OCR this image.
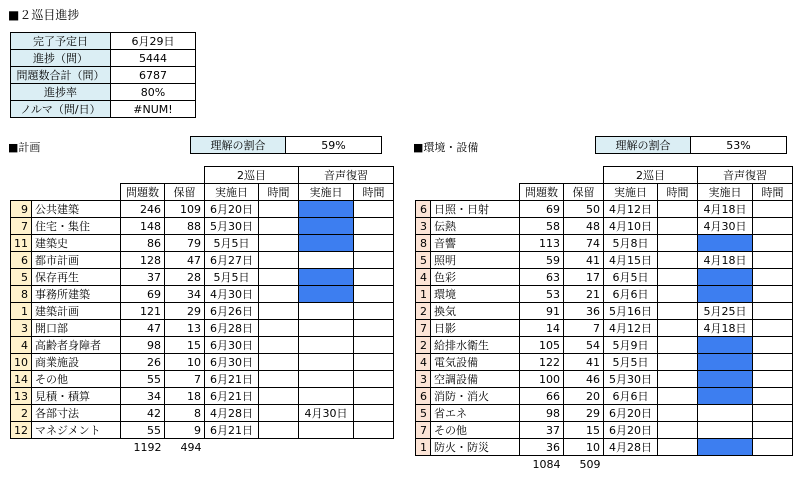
■２巡目進捗
完了予定日	6月29日
進捗（問）	5444
問題数合計（問）	6787
進捗率	80%
ノルマ（問/日）	#NUM!
■計画	理解の割合	59%
				2巡目		音声復習	
		問題数	保留	実施日	時間	実施日	時間
9	公共建築	246	109	6月20日			
7	住宅・集住	148	88	5月30日			
11	建築史	86	79	5月5日			
6	都市計画	128	47	6月27日			
5	保存再生	37	28	5月5日			
8	事務所建築	69	34	4月30日			
1	建築計画	121	29	6月26日			
3	開口部	47	13	6月28日			
4	高齢者身障者	98	15	6月30日			
10	商業施設	26	10	6月30日			
14	その他	55	7	6月21日			
13	見積・積算	34	18	6月21日			
2	各部寸法	42	8	4月28日		4月30日	
12	マネジメント	55	9	6月21日			
		1192	494				
■環境・設備	理解の割合	53%
				2巡目		音声復習	
		問題数	保留	実施日	時間	実施日	時間
6	日照・日射	69	50	4月12日		4月18日	
3	伝熱	58	48	4月10日		4月30日	
8	音響	113	74	5月8日			
5	照明	59	41	4月15日		4月18日	
4	色彩	63	17	6月5日			
1	環境	53	21	6月6日			
2	換気	91	36	5月16日		5月25日	
7	日影	14	7	4月12日		4月18日	
2	給排水衛生	105	54	5月9日			
4	電気設備	122	41	5月5日			
3	空調設備	100	46	5月30日			
6	消防・消火	66	20	6月6日			
5	省エネ	98	29	6月20日			
7	その他	37	15	6月20日			
1	防火・防災	36	10	4月28日			
		1084	509				
